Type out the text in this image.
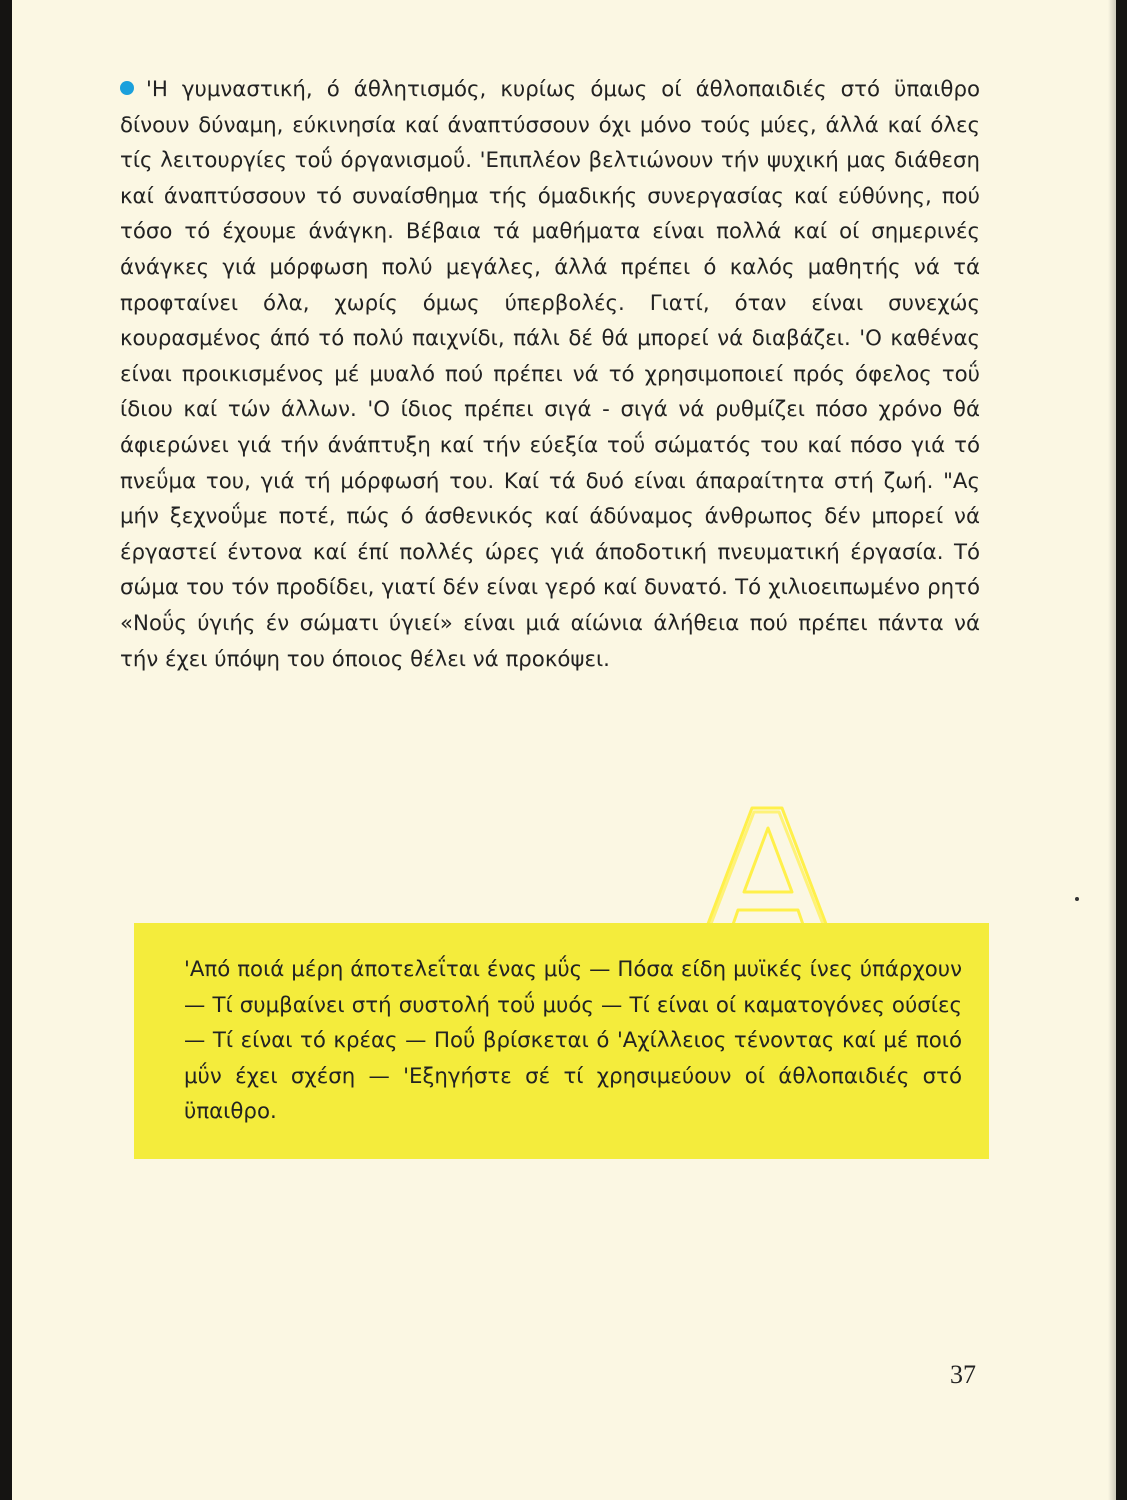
'Η γυμναστική, ό άθλητισμός, κυρίως όμως οί άθλοπαιδιές στό ϋπαιθρο δίνουν δύναμη, εύκινησία καί άναπτύσσουν όχι μόνο τούς μύες, άλλά καί όλες τίς λειτουργίες τοΰ όργανισμοΰ. 'Επιπλέον βελτιώνουν τήν ψυχική μας διάθεση καί άναπτύσσουν τό συναίσθημα τής όμαδικής συνεργασίας καί εύθύνης, πού τόσο τό έχουμε άνάγκη. Βέβαια τά μαθήματα είναι πολλά καί οί σημερινές άνάγκες γιά μόρφωση πολύ μεγάλες, άλλά πρέπει ό καλός μαθητής νά τά προφταίνει όλα, χωρίς όμως ύπερβολές. Γιατί, όταν είναι συνεχώς κουρασμένος άπό τό πολύ παιχνίδι, πάλι δέ θά μπορεί νά διαβάζει. 'Ο καθένας είναι προικισμένος μέ μυαλό πού πρέπει νά τό χρησιμοποιεί πρός όφελος τοΰ ίδιου καί τών άλλων. 'Ο ίδιος πρέπει σιγά - σιγά νά ρυθμίζει πόσο χρόνο θά άφιερώνει γιά τήν άνάπτυξη καί τήν εύεξία τοΰ σώματός του καί πόσο γιά τό πνεΰμα του, γιά τή μόρφωσή του. Καί τά δυό είναι άπαραίτητα στή ζωή. "Ας μήν ξεχνοΰμε ποτέ, πώς ό άσθενικός καί άδύναμος άνθρωπος δέν μπορεί νά έργαστεί έντονα καί έπί πολλές ώρες γιά άποδοτική πνευματική έργασία. Τό σώμα του τόν προδίδει, γιατί δέν είναι γερό καί δυνατό. Τό χιλιοειπωμένο ρητό «Νοΰς ύγιής έν σώματι ύγιεί» είναι μιά αίώνια άλήθεια πού πρέπει πάντα νά τήν έχει ύπόψη του όποιος θέλει νά προκόψει.

'Από ποιά μέρη άποτελεΐται ένας μΰς — Πόσα είδη μυϊκές ίνες ύπάρχουν — Τί συμβαίνει στή συστολή τοΰ μυός — Τί είναι οί καματογόνες ούσίες — Τί είναι τό κρέας — Ποΰ βρίσκεται ό 'Αχίλλειος τένοντας καί μέ ποιό μΰν έχει σχέση — 'Εξηγήστε σέ τί χρησιμεύουν οί άθλοπαιδιές στό ϋπαιθρο.

37
